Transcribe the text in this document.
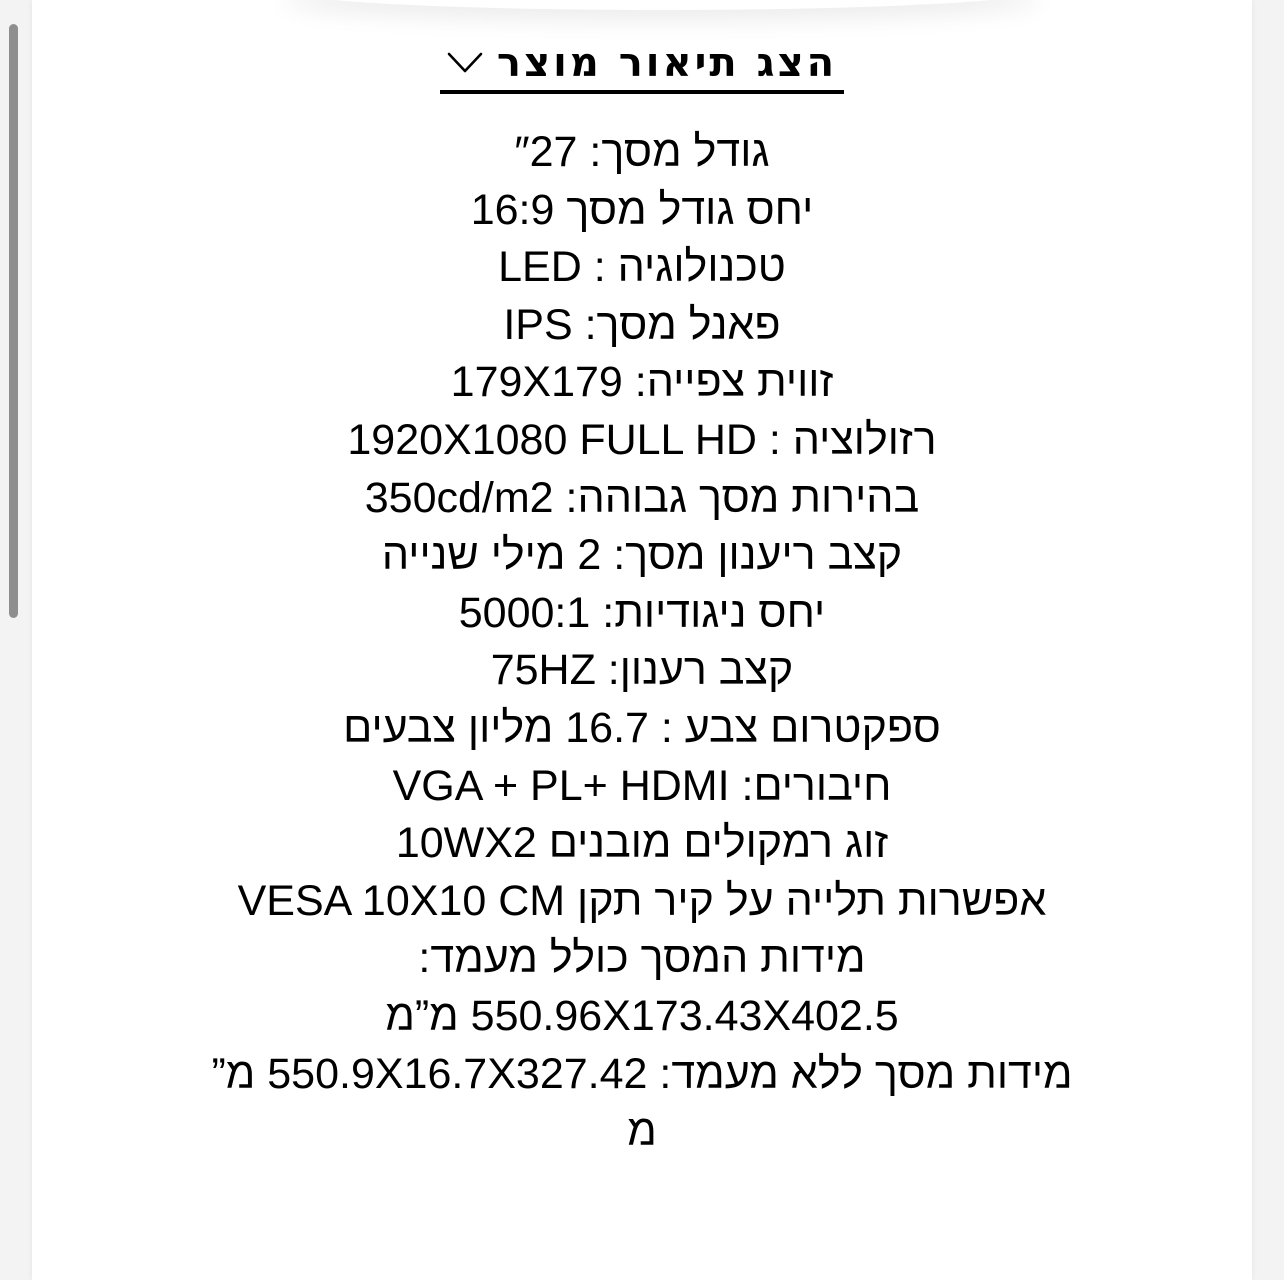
הצג תיאור מוצר
גודל מסך: ″27
יחס גודל מסך 16:9
טכנולוגיה : LED
פאנל מסך: IPS
זווית צפייה: 179X179
רזולוציה : 1920X1080 FULL HD
בהירות מסך גבוהה: 350cd/m2
קצב ריענון מסך: 2 מילי שנייה
יחס ניגודיות: 5000:1
קצב רענון: 75HZ
ספקטרום צבע : 16.7 מליון צבעים
חיבורים: VGA + PL+ HDMI
זוג רמקולים מובנים 10WX2
אפשרות תלייה על קיר תקן VESA 10X10 CM
מידות המסך כולל מעמד:
550.96X173.43X402.5 מ”מ
מידות מסך ללא מעמד: 550.9X16.7X327.42 מ”
מ
